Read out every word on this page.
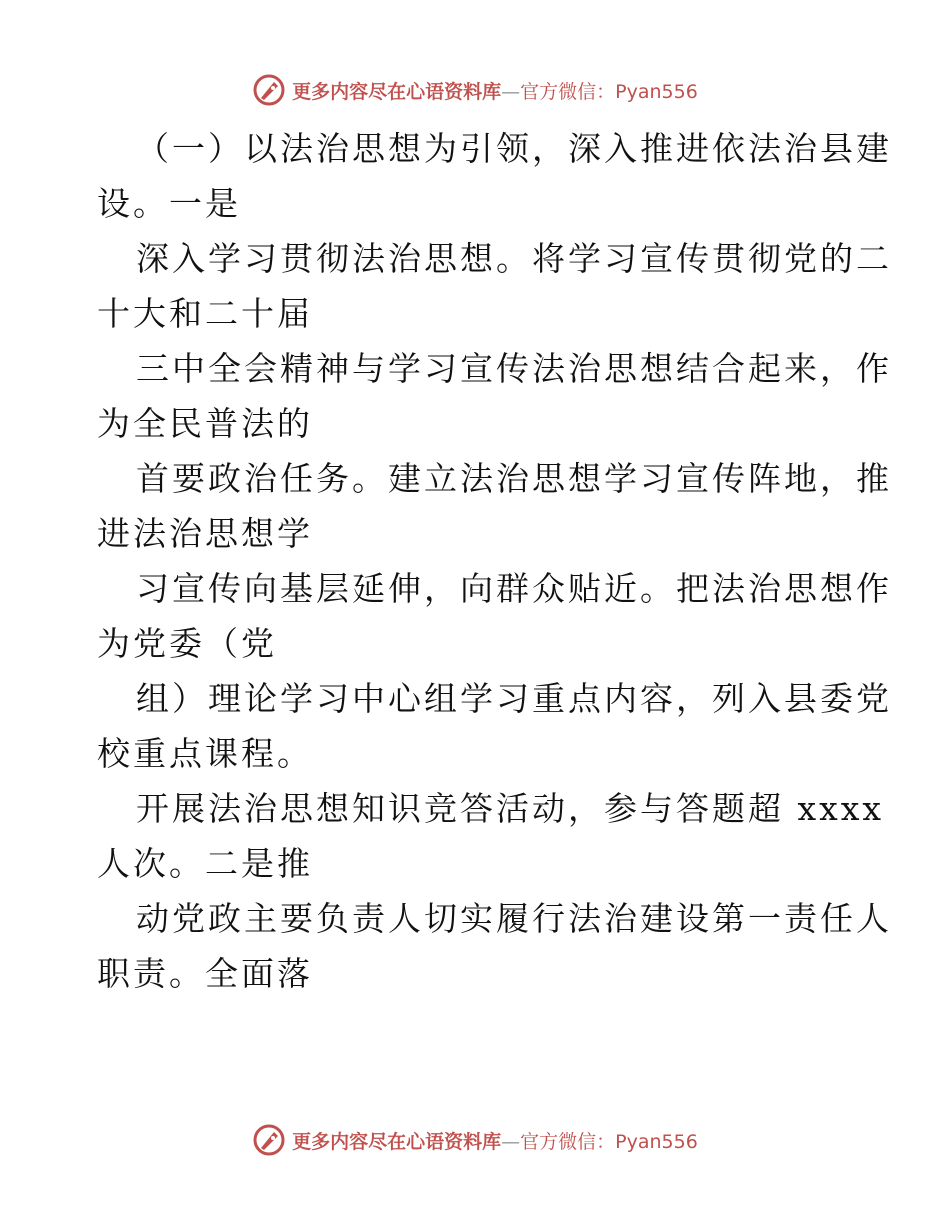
更多内容尽在心语资料库—官方微信：Pyan556
（一）以法治思想为引领，深入推进依法治县建
设。一是
深入学习贯彻法治思想。将学习宣传贯彻党的二
十大和二十届
三中全会精神与学习宣传法治思想结合起来，作
为全民普法的
首要政治任务。建立法治思想学习宣传阵地，推
进法治思想学
习宣传向基层延伸，向群众贴近。把法治思想作
为党委（党
组）理论学习中心组学习重点内容，列入县委党
校重点课程。
开展法治思想知识竞答活动，参与答题超 xxxx
人次。二是推
动党政主要负责人切实履行法治建设第一责任人
职责。全面落
更多内容尽在心语资料库—官方微信：Pyan556
